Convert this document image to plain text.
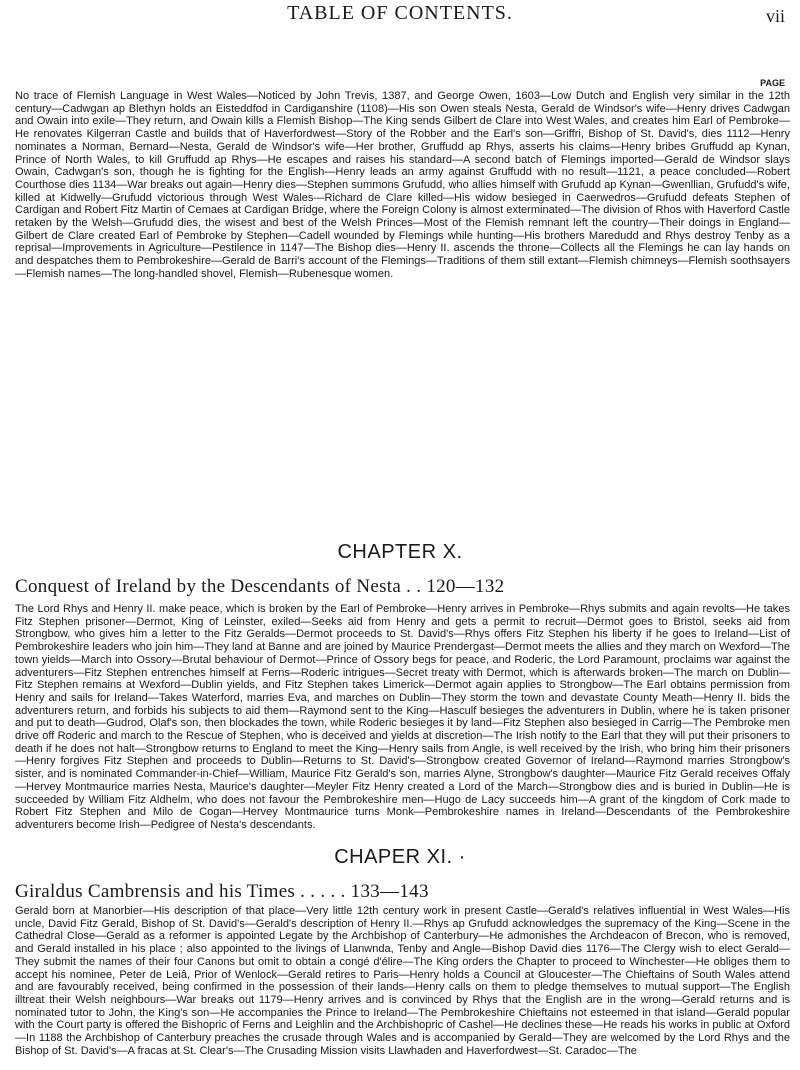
TABLE OF CONTENTS.	vii
PAGE

No trace of Flemish Language in West Wales—Noticed by John Trevis, 1387, and George Owen, 1603—Low Dutch and English very similar in the 12th century—Cadwgan ap Blethyn holds an Eisteddfod in Cardiganshire (1108)—His son Owen steals Nesta, Gerald de Windsor's wife—Henry drives Cadwgan and Owain into exile—They return, and Owain kills a Flemish Bishop—The King sends Gilbert de Clare into West Wales, and creates him Earl of Pembroke—He renovates Kilgerran Castle and builds that of Haverfordwest—Story of the Robber and the Earl's son—Griffri, Bishop of St. David's, dies 1112—Henry nominates a Norman, Bernard—Nesta, Gerald de Windsor's wife—Her brother, Gruffudd ap Rhys, asserts his claims—Henry bribes Gruffudd ap Kynan, Prince of North Wales, to kill Gruffudd ap Rhys—He escapes and raises his standard—A second batch of Flemings imported—Gerald de Windsor slays Owain, Cadwgan's son, though he is fighting for the English—Henry leads an army against Gruffudd with no result—1121, a peace concluded—Robert Courthose dies 1134—War breaks out again—Henry dies—Stephen summons Grufudd, who allies himself with Grufudd ap Kynan—Gwenllian, Grufudd's wife, killed at Kidwelly—Grufudd victorious through West Wales—Richard de Clare killed—His widow besieged in Caerwedros—Grufudd defeats Stephen of Cardigan and Robert Fitz Martin of Cemaes at Cardigan Bridge, where the Foreign Colony is almost exterminated—The division of Rhos with Haverford Castle retaken by the Welsh—Grufudd dies, the wisest and best of the Welsh Princes—Most of the Flemish remnant left the country—Their doings in England—Gilbert de Clare created Earl of Pembroke by Stephen—Cadell wounded by Flemings while hunting—His brothers Maredudd and Rhys destroy Tenby as a reprisal—Improvements in Agriculture—Pestilence in 1147—The Bishop dies—Henry II. ascends the throne—Collects all the Flemings he can lay hands on and despatches them to Pembrokeshire—Gerald de Barri's account of the Flemings—Traditions of them still extant—Flemish chimneys—Flemish soothsayers—Flemish names—The long-handled shovel, Flemish—Rubenesque women.

CHAPTER X.
Conquest of Ireland by the Descendants of Nesta . . 120—132

The Lord Rhys and Henry II. make peace, which is broken by the Earl of Pembroke—Henry arrives in Pembroke—Rhys submits and again revolts—He takes Fitz Stephen prisoner—Dermot, King of Leinster, exiled—Seeks aid from Henry and gets a permit to recruit—Dermot goes to Bristol, seeks aid from Strongbow, who gives him a letter to the Fitz Geralds—Dermot proceeds to St. David's—Rhys offers Fitz Stephen his liberty if he goes to Ireland—List of Pembrokeshire leaders who join him—They land at Banne and are joined by Maurice Prendergast—Dermot meets the allies and they march on Wexford—The town yields—March into Ossory—Brutal behaviour of Dermot—Prince of Ossory begs for peace, and Roderic, the Lord Paramount, proclaims war against the adventurers—Fitz Stephen entrenches himself at Ferns—Roderic intrigues—Secret treaty with Dermot, which is afterwards broken—The march on Dublin—Fitz Stephen remains at Wexford—Dublin yields, and Fitz Stephen takes Limerick—Dermot again applies to Strongbow—The Earl obtains permission from Henry and sails for Ireland—Takes Waterford, marries Eva, and marches on Dublin—They storm the town and devastate County Meath—Henry II. bids the adventurers return, and forbids his subjects to aid them—Raymond sent to the King—Hasculf besieges the adventurers in Dublin, where he is taken prisoner and put to death—Gudrod, Olaf's son, then blockades the town, while Roderic besieges it by land—Fitz Stephen also besieged in Carrig—The Pembroke men drive off Roderic and march to the Rescue of Stephen, who is deceived and yields at discretion—The Irish notify to the Earl that they will put their prisoners to death if he does not halt—Strongbow returns to England to meet the King—Henry sails from Angle, is well received by the Irish, who bring him their prisoners—Henry forgives Fitz Stephen and proceeds to Dublin—Returns to St. David's—Strongbow created Governor of Ireland—Raymond marries Strongbow's sister, and is nominated Commander-in-Chief—William, Maurice Fitz Gerald's son, marries Alyne, Strongbow's daughter—Maurice Fitz Gerald receives Offaly—Hervey Montmaurice marries Nesta, Maurice's daughter—Meyler Fitz Henry created a Lord of the March—Strongbow dies and is buried in Dublin—He is succeeded by William Fitz Aldhelm, who does not favour the Pembrokeshire men—Hugo de Lacy succeeds him—A grant of the kingdom of Cork made to Robert Fitz Stephen and Milo de Cogan—Hervey Montmaurice turns Monk—Pembrokeshire names in Ireland—Descendants of the Pembrokeshire adventurers become Irish—Pedigree of Nesta's descendants.

CHAPER XI. ·
Giraldus Cambrensis and his Times . . . . . 133—143

Gerald born at Manorbier—His description of that place—Very little 12th century work in present Castle—Gerald's relatives influential in West Wales—His uncle, David Fitz Gerald, Bishop of St. David's—Gerald's description of Henry II.—Rhys ap Grufudd acknowledges the supremacy of the King—Scene in the Cathedral Close—Gerald as a reformer is appointed Legate by the Archbishop of Canterbury—He admonishes the Archdeacon of Brecon, who is removed, and Gerald installed in his place ; also appointed to the livings of Llanwnda, Tenby and Angle—Bishop David dies 1176—The Clergy wish to elect Gerald—They submit the names of their four Canons but omit to obtain a congé d'élire—The King orders the Chapter to proceed to Winchester—He obliges them to accept his nominee, Peter de Leiâ, Prior of Wenlock—Gerald retires to Paris—Henry holds a Council at Gloucester—The Chieftains of South Wales attend and are favourably received, being confirmed in the possession of their lands—Henry calls on them to pledge themselves to mutual support—The English illtreat their Welsh neighbours—War breaks out 1179—Henry arrives and is convinced by Rhys that the English are in the wrong—Gerald returns and is nominated tutor to John, the King's son—He accompanies the Prince to Ireland—The Pembrokeshire Chieftains not esteemed in that island—Gerald popular with the Court party is offered the Bishopric of Ferns and Leighlin and the Archbishopric of Cashel—He declines these—He reads his works in public at Oxford—In 1188 the Archbishop of Canterbury preaches the crusade through Wales and is accompanied by Gerald—They are welcomed by the Lord Rhys and the Bishop of St. David's—A fracas at St. Clear's—The Crusading Mission visits Llawhaden and Haverfordwest—St. Caradoc—The
